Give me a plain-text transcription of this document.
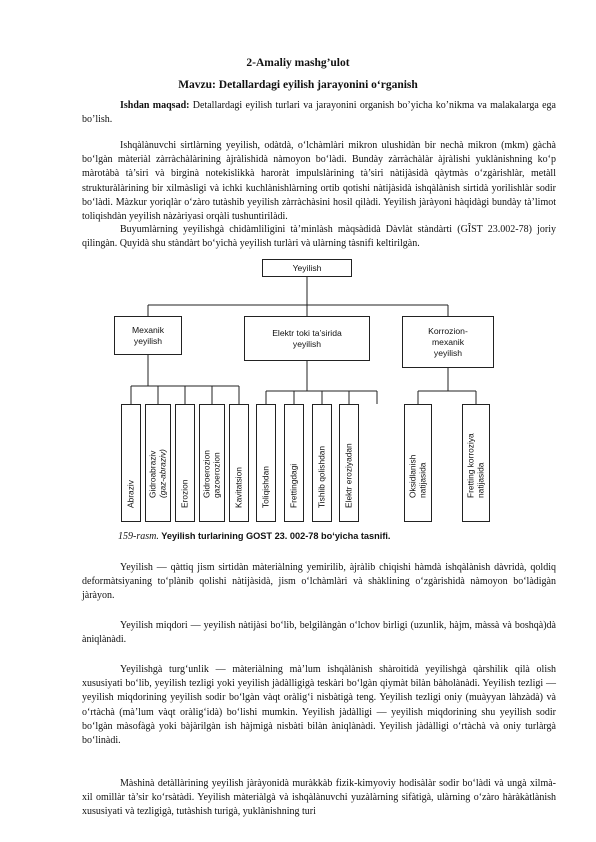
2-Amaliy mashg’ulot
Mavzu: Detallardagi eyilish jarayonini o‘rganish

Ishdan maqsad: Detallardagi eyilish turlari va jarayonini organish bo’yicha ko’nikma va malakalarga ega bo’lish.

Ishqàlànuvchi sirtlàrning yeyilish, odàtdà, o‘lchàmlàri mikron ulushidàn bir nechà mikron (mkm) gàchà bo‘lgàn màteriàl zàrràchàlàrining àjràlishidà nàmoyon bo‘làdi. Bundày zàrràchàlàr àjràlishi yuklànishning ko‘p màrotàbà tà’siri và birginà notekislikkà haroràt impulslàrining tà’siri nàtijàsidà qàytmàs o‘zgàrishlàr, metàll strukturàlàrining bir xilmàsligi và ichki kuchlànishlàrning ortib qotishi nàtijàsidà ishqàlànish sirtidà yorilishlàr sodir bo‘làdi. Màzkur yoriqlàr o‘zàro tutàshib yeyilish zàrràchàsini hosil qilàdi. Yeyilish jàràyoni hàqidàgi bundày tà’limot toliqishdàn yeyilish nàzàriyasi orqàli tushuntirilàdi.

Buyumlàrning yeyilishgà chidàmliligini tà’minlàsh màqsàdidà Dàvlàt stàndàrti (GÎST 23.002-78) joriy qilingàn. Quyidà shu stàndàrt bo‘yichà yeyilish turlàri và ulàrning tàsnifi keltirilgàn.

Yeyilish
Mexanik
yeyilish
Elektr toki ta’sirida
yeyilish
Korrozion-
mexanik
yeyilish
Abraziv Gidroabraziv (gaz-abraziv) Erozion Gidroerozion gazoerozion Kavitatsion Toliqishdan Frettingdagi Tishlib qolishdan Elektr eroziyadan	Oksidlanish natijasida	Fretting korroziya natijasida
159-rasm. Yeyilish turlarining GOST 23. 002-78 bo‘yicha tasnifi.

Yeyilish — qàttiq jism sirtidàn màteriàlning yemirilib, àjràlib chiqishi hàmdà ishqàlànish dàvridà, qoldiq deformàtsiyaning to‘plànib qolishi nàtijàsidà, jism o‘lchàmlàri và shàklining o‘zgàrishidà nàmoyon bo‘làdigàn jàràyon.

Yeyilish miqdori — yeyilish nàtijàsi bo‘lib, belgilàngàn o‘lchov birligi (uzunlik, hàjm, màssà và boshqà)dà àniqlànàdi.

Yeyilishgà turg‘unlik — màteriàlning mà’lum ishqàlànish shàroitidà yeyilishgà qàrshilik qilà olish xususiyati bo‘lib, yeyilish tezligi yoki yeyilish jàdàlligigà teskàri bo‘lgàn qiymàt bilàn bàholànàdi. Yeyilish tezligi — yeyilish miqdorining yeyilish sodir bo‘lgàn vàqt oràlig‘i nisbàtigà teng. Yeyilish tezligi oniy (muàyyan làhzàdà) và o‘rtàchà (mà’lum vàqt oràlig‘idà) bo‘lishi mumkin. Yeyilish jàdàlligi — yeyilish miqdorining shu yeyilish sodir bo‘lgàn màsofàgà yoki bàjàrilgàn ish hàjmigà nisbàti bilàn àniqlànàdi. Yeyilish jàdàlligi o‘rtàchà và oniy turlàrgà bo‘linàdi.

Màshinà detàllàrining yeyilish jàràyonidà muràkkàb fizik-kimyoviy hodisàlàr sodir bo‘làdi và ungà xilmà-xil omillàr tà’sir ko‘rsàtàdi. Yeyilish màteriàlgà và ishqàlànuvchi yuzàlàrning sifàtigà, ulàrning o‘zàro hàràkàtlànish xususiyati và tezligigà, tutàshish turigà, yuklànishning turi
